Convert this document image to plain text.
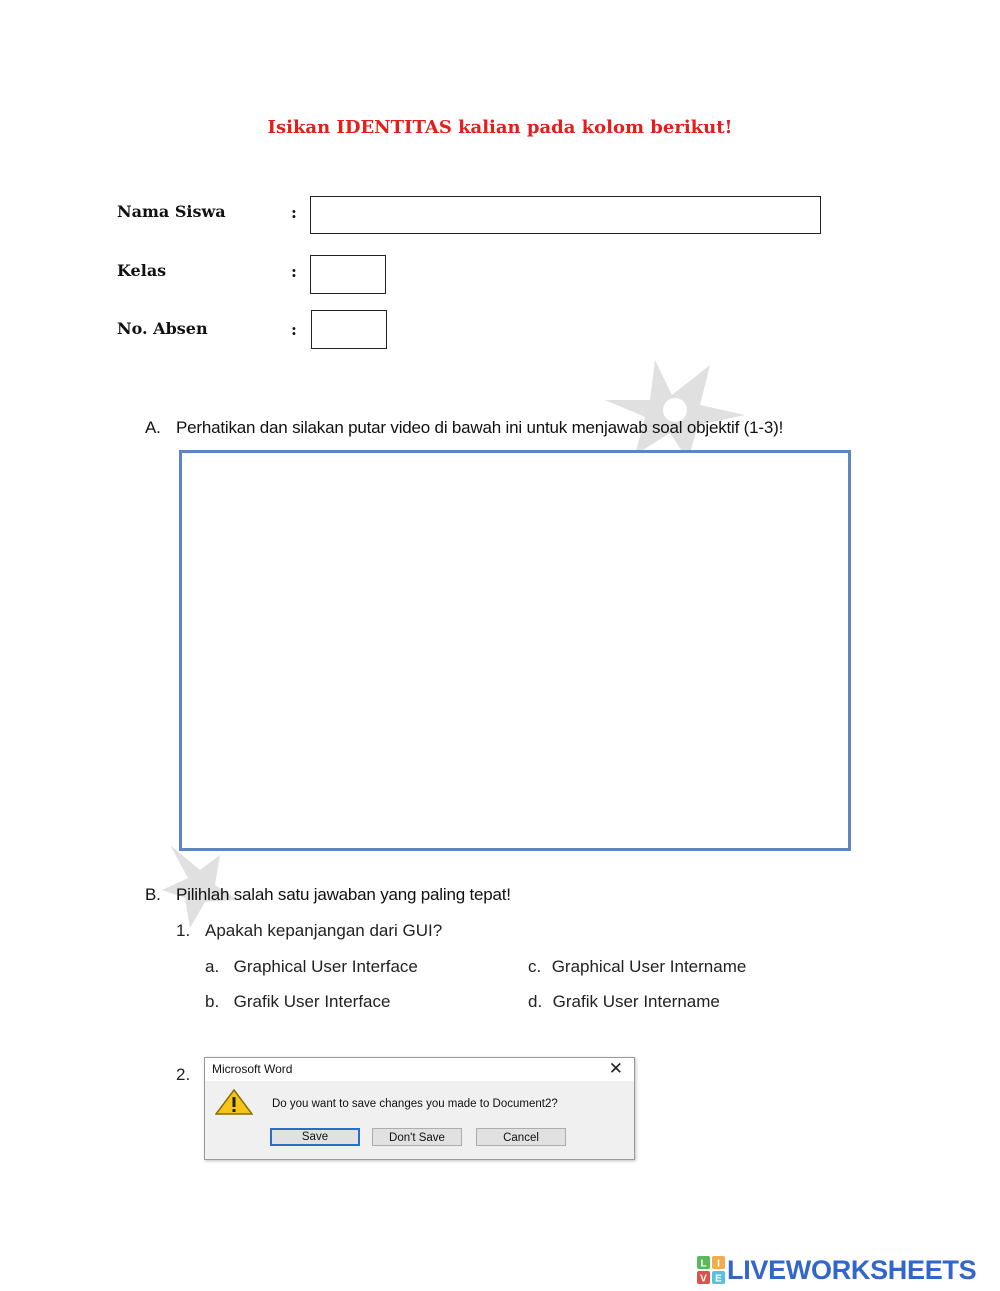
Isikan IDENTITAS kalian pada kolom berikut!
Nama Siswa	:
Kelas	:
No. Absen	:
A. Perhatikan dan silakan putar video di bawah ini untuk menjawab soal objektif (1-3)!
B. Pilihlah salah satu jawaban yang paling tepat!
1. Apakah kepanjangan dari GUI?
a. Graphical User Interface
b. Grafik User Interface
c. Graphical User Intername
d. Grafik User Intername
2. Microsoft Word	✕
Do you want to save changes you made to Document2?
Save	Don't Save	Cancel
L I
V E LIVEWORKSHEETS
